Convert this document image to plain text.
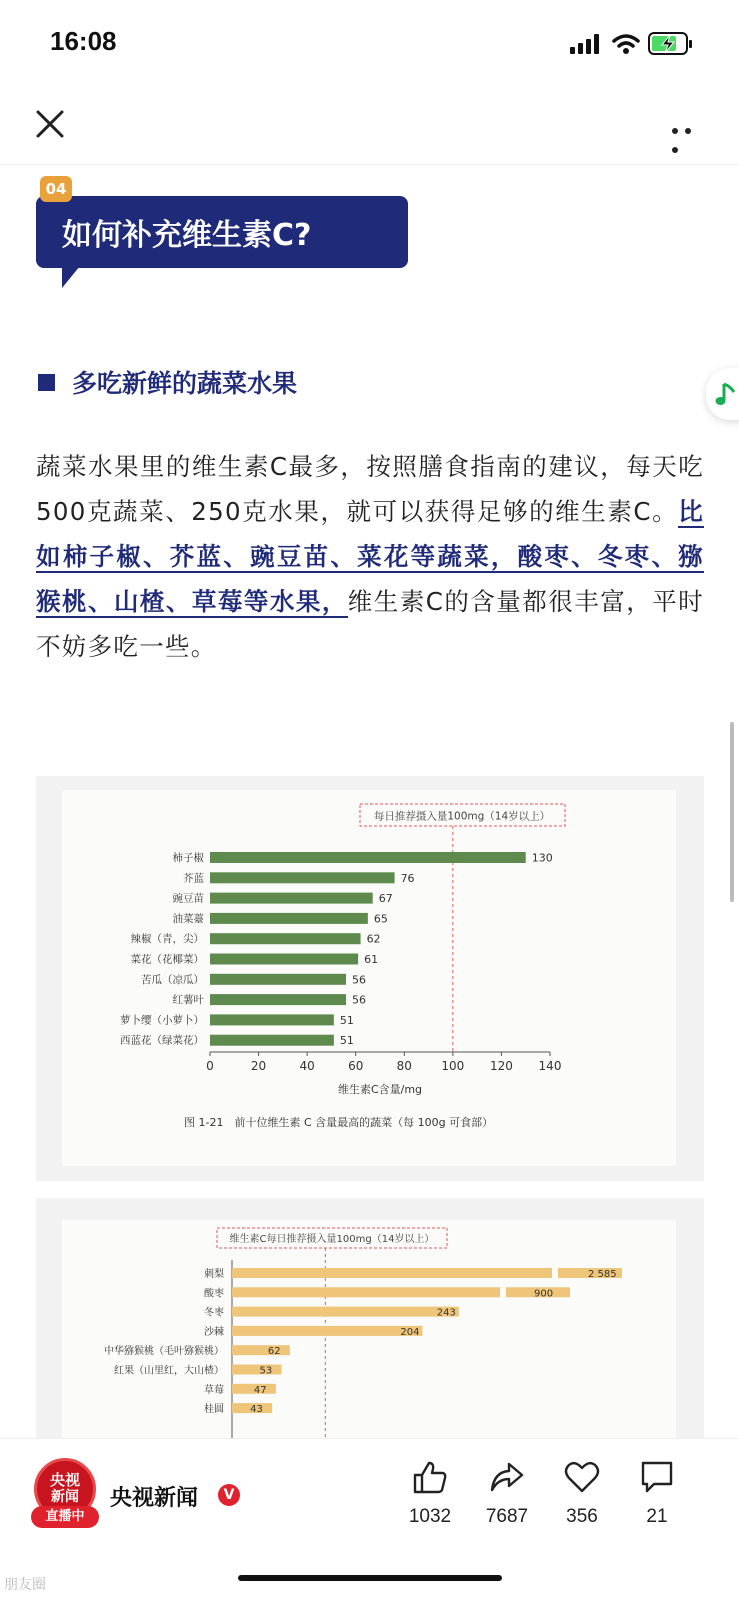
16:08
04
如何补充维生素C?
多吃新鲜的蔬菜水果
蔬菜水果里的维生素C最多，按照膳食指南的建议，每天吃500克蔬菜、250克水果，就可以获得足够的维生素C。比如柿子椒、芥蓝、豌豆苗、菜花等蔬菜，酸枣、冬枣、猕猴桃、山楂、草莓等水果，维生素C的含量都很丰富，平时不妨多吃一些。
每日推荐摄入量100mg（14岁以上）
0	20	40	60	80 100 120 140
维生素C含量/mg
图 1-21　前十位维生素 C 含量最高的蔬菜（每 100g 可食部）
柿子椒	130
芥蓝	76
豌豆苗	67
油菜薹	65
辣椒（青，尖）	62
菜花（花椰菜）	61
苦瓜（凉瓜）	56
红薯叶	56
萝卜缨（小萝卜）	51
西蓝花（绿菜花）	51
维生素C每日推荐摄入量100mg（14岁以上）
刺梨	2 585
酸枣	900
冬枣	243
沙棘	204
中华猕猴桃（毛叶猕猴桃）	62
红果（山里红，大山楂）	53
草莓	47
桂圆	43
央视
新闻
直播中
央视新闻	V
1032	7687	356	21
朋友圈
